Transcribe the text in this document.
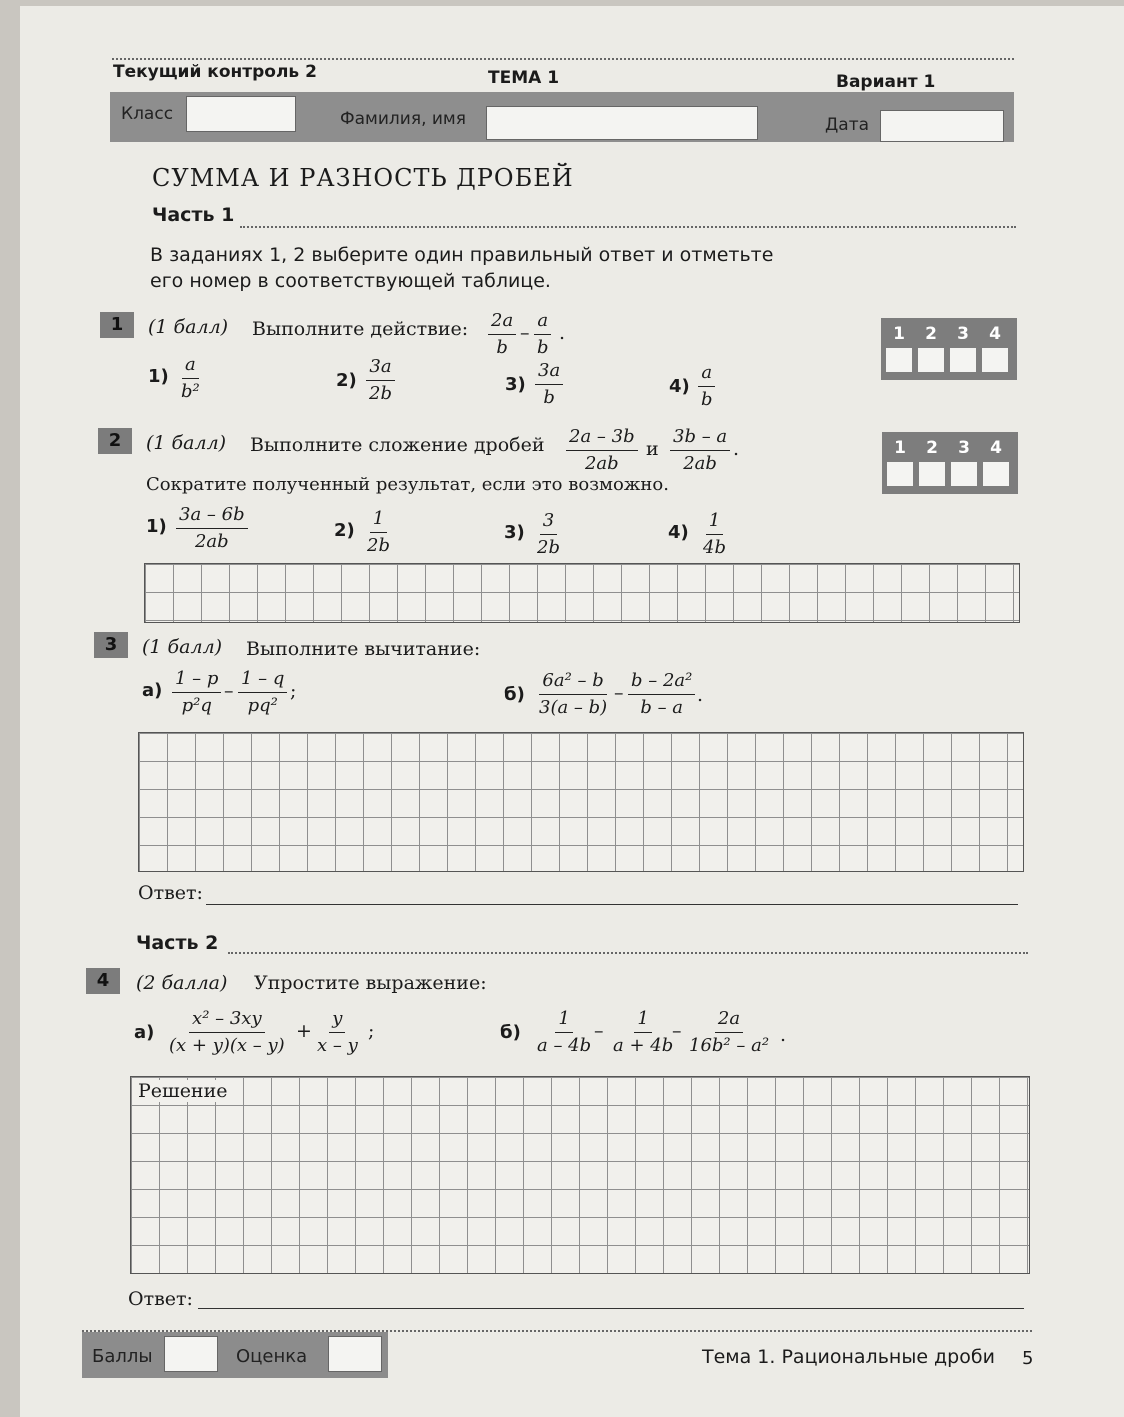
Текущий контроль 2	ТЕМА 1	Вариант 1
Класс	Фамилия, имя	Дата
СУММА И РАЗНОСТЬ ДРОБЕЙ
Часть 1
В заданиях 1, 2 выберите один правильный ответ и отметьте
его номер в соответствующей таблице.
1	(1 балл) Выполните действие: $\frac{2a}{b} - \frac{a}{b}$ .	1	2	3	4
$1) \frac{a}{\text{b²}}$	$2) \frac{3a}{2b}$	$3) \frac{3a}{b}$	$4) \frac{a}{b}$
2	(1 балл) Выполните сложение дробей $\frac{2a - 3b}{2ab}$ и $\frac{3b - a}{2ab}$ .
Сократите полученный результат, если это возможно.
1	2	3	4
$1) \frac{3a - 6b}{2ab}$	$2) \frac{1}{2b}$	$3) \frac{3}{2b}$	$4) \frac{1}{4b}$
3	(1 балл) Выполните вычитание:
$а) \frac{1 - p}{\text{p²q}} - \frac{1 - q}{\text{pq²}}$ ;	$б) \frac{\text{6a² – b}}{3(a - b)} - \frac{\text{b – 2a²}}{b - a}$ .
Ответ:
Часть 2
4	(2 балла) Упростите выражение:
$а) \frac{\text{x² – 3xy}}{(x + y)(x - y)} + \frac{y}{x - y}$ ;	$б) \frac{1}{a - 4b} - \frac{1}{a + 4b}$
– $\frac{2a}{\text{16b² – a²}}$ .
Решение
Ответ:
Баллы	Оценка	Тема 1. Рациональные дроби 5
